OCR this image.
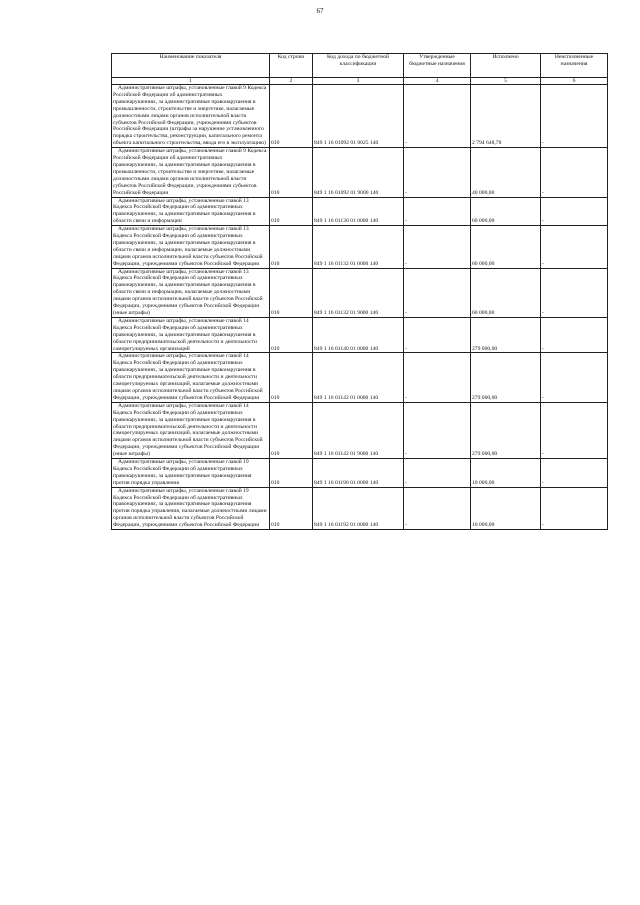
67
Наименование показателя	Код строки	Код дохода по бюджетной классификации	Утвержденные бюджетные назначения	Исполнено	Неисполненные назначения
1	2	3	4	5	6
Административные штрафы, установленные главой 9 Кодекса Российской Федерации об административных правонарушениях, за административные правонарушения в промышленности, строительстве и энергетике, налагаемые должностными лицами органов исполнительной власти субъектов Российской Федерации, учреждениями субъектов Российской Федерации (штрафы за нарушение установленного порядка строительства, реконструкции, капитального ремонта объекта капитального строительства, ввода его в эксплуатацию)	010	849 1 16 01092 01 0025 140	-	2 794 648,78	-
Административные штрафы, установленные главой 9 Кодекса Российской Федерации об административных правонарушениях, за административные правонарушения в промышленности, строительстве и энергетике, налагаемые должностными лицами органов исполнительной власти субъектов Российской Федерации, учреждениями субъектов Российской Федерации	010	849 1 16 01092 01 9000 140	-	40 000,00	-
Административные штрафы, установленные главой 13 Кодекса Российской Федерации об административных правонарушениях, за административные правонарушения в области связи и информации	010	849 1 16 01130 01 0000 140	-	60 000,00	-
Административные штрафы, установленные главой 13 Кодекса Российской Федерации об административных правонарушениях, за административные правонарушения в области связи и информации, налагаемые должностными лицами органов исполнительной власти субъектов Российской Федерации, учреждениями субъектов Российской Федерации	010	849 1 16 01132 01 0000 140	-	60 000,00	-
Административные штрафы, установленные главой 13 Кодекса Российской Федерации об административных правонарушениях, за административные правонарушения в области связи и информации, налагаемые должностными лицами органов исполнительной власти субъектов Российской Федерации, учреждениями субъектов Российской Федерации (иные штрафы)	010	849 1 16 01132 01 9000 140	-	60 000,00	-
Административные штрафы, установленные главой 14 Кодекса Российской Федерации об административных правонарушениях, за административные правонарушения в области предпринимательской деятельности и деятельности саморегулируемых организаций	010	849 1 16 01140 01 0000 140	-	279 000,00	-
Административные штрафы, установленные главой 14 Кодекса Российской Федерации об административных правонарушениях, за административные правонарушения в области предпринимательской деятельности и деятельности саморегулируемых организаций, налагаемые должностными лицами органов исполнительной власти субъектов Российской Федерации, учреждениями субъектов Российской Федерации	010	849 1 16 01142 01 0000 140	-	279 000,00	-
Административные штрафы, установленные главой 14 Кодекса Российской Федерации об административных правонарушениях, за административные правонарушения в области предпринимательской деятельности и деятельности саморегулируемых организаций, налагаемые должностными лицами органов исполнительной власти субъектов Российской Федерации, учреждениями субъектов Российской Федерации (иные штрафы)	010	849 1 16 01142 01 9000 140	-	279 000,00	-
Административные штрафы, установленные главой 19 Кодекса Российской Федерации об административных правонарушениях, за административные правонарушения против порядка управления	010	849 1 16 01190 01 0000 140	-	10 000,00	-
Административные штрафы, установленные главой 19 Кодекса Российской Федерации об административных правонарушениях, за административные правонарушения против порядка управления, налагаемые должностными лицами органов исполнительной власти субъектов Российской Федерации, учреждениями субъектов Российской Федерации	010	849 1 16 01192 01 0000 140	-	10 000,00	-
